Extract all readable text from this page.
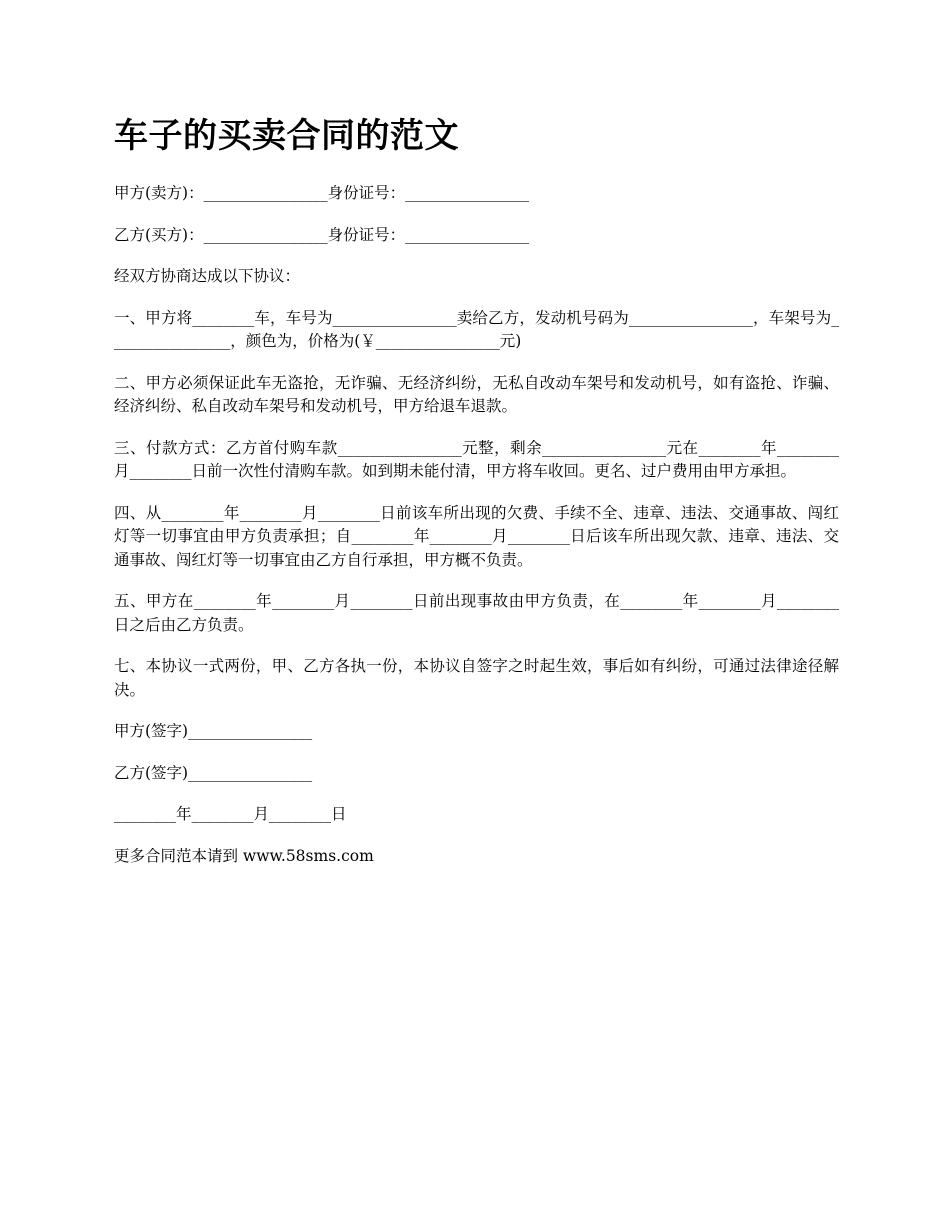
车子的买卖合同的范文

甲方(卖方)：________________身份证号：________________

乙方(买方)：________________身份证号：________________

经双方协商达成以下协议：

一、甲方将________车，车号为________________卖给乙方，发动机号码为________________，车架号为________________，颜色为，价格为(￥________________元)

二、甲方必须保证此车无盗抢，无诈骗、无经济纠纷，无私自改动车架号和发动机号，如有盗抢、诈骗、经济纠纷、私自改动车架号和发动机号，甲方给退车退款。

三、付款方式：乙方首付购车款________________元整，剩余________________元在________年________月________日前一次性付清购车款。如到期未能付清，甲方将车收回。更名、过户费用由甲方承担。

四、从________年________月________日前该车所出现的欠费、手续不全、违章、违法、交通事故、闯红灯等一切事宜由甲方负责承担；自________年________月________日后该车所出现欠款、违章、违法、交通事故、闯红灯等一切事宜由乙方自行承担，甲方概不负责。

五、甲方在________年________月________日前出现事故由甲方负责，在________年________月________日之后由乙方负责。

七、本协议一式两份，甲、乙方各执一份，本协议自签字之时起生效，事后如有纠纷，可通过法律途径解决。

甲方(签字)________________

乙方(签字)________________

________年________月________日

更多合同范本请到 www.58sms.com
